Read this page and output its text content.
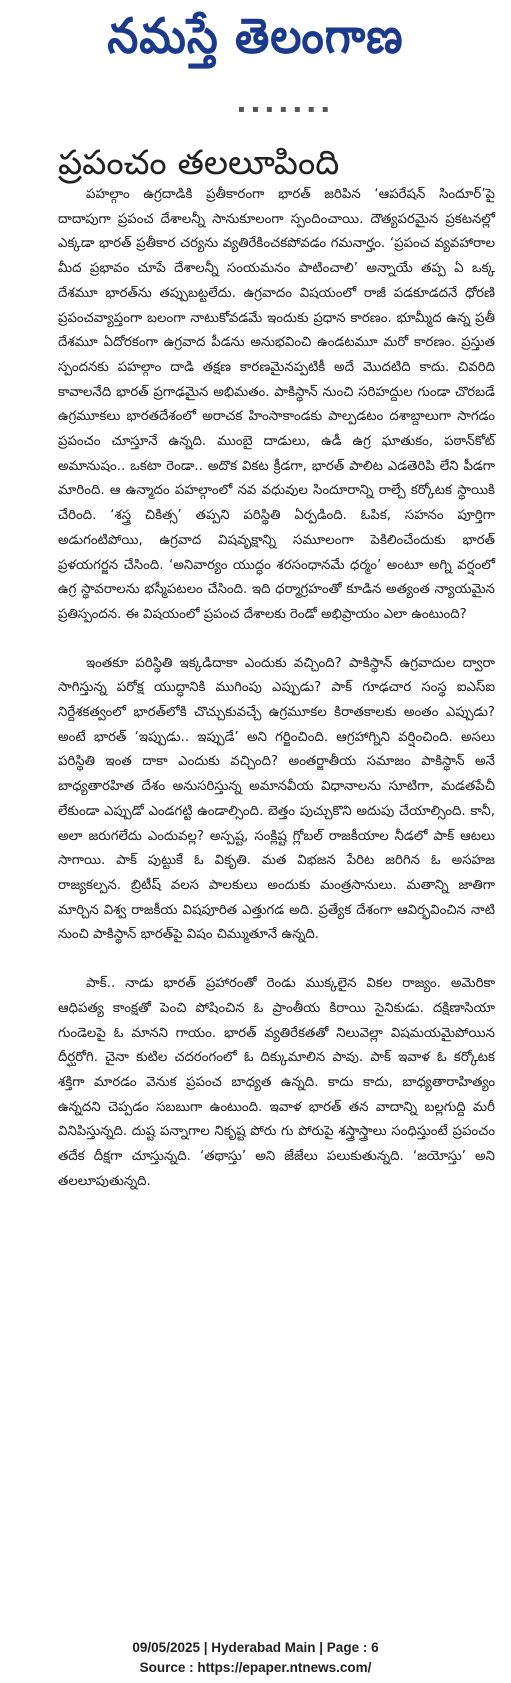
నమస్తే తెలంగాణ
▪ ▪ ▪ ▪ ▪ ▪ ▪
ప్రపంచం తలలూపింది

పహల్గాం ఉగ్రదాడికి ప్రతీకారంగా భారత్ జరిపిన ‘ఆపరేషన్ సిందూర్’పై దాదాపుగా ప్రపంచ దేశాలన్నీ సానుకూలంగా స్పందించాయి. దౌత్యపరమైన ప్రకటనల్లో ఎక్కడా భారత్ ప్రతీకార చర్యను వ్యతిరేకించకపోవడం గమనార్హం. ‘ప్రపంచ వ్యవహారాల మీద ప్రభావం చూపే దేశాలన్నీ సంయమనం పాటించాలి’ అన్నాయే తప్ప ఏ ఒక్క దేశమూ భారత్‌ను తప్పుబట్టలేదు. ఉగ్రవాదం విషయంలో రాజీ పడకూడదనే ధోరణి ప్రపంచవ్యాప్తంగా బలంగా నాటుకోవడమే ఇందుకు ప్రధాన కారణం. భూమ్మీద ఉన్న ప్రతీ దేశమూ ఏదోరకంగా ఉగ్రవాద పీడను అనుభవించి ఉండటమూ మరో కారణం. ప్రస్తుత స్పందనకు పహల్గాం దాడి తక్షణ కారణమైనప్పటికీ అదే మొదటిది కాదు. చివరిది కావాలనేది భారత్ ప్రగాఢమైన అభిమతం. పాకిస్థాన్ నుంచి సరిహద్దుల గుండా చొరబడే ఉగ్రమూకలు భారతదేశంలో అరాచక హింసాకాండకు పాల్పడటం దశాబ్దాలుగా సాగడం ప్రపంచం చూస్తూనే ఉన్నది. ముంబై దాడులు, ఉడీ ఉగ్ర ఘాతుకం, పఠాన్‌కోట్ అమానుషం.. ఒకటా రెండా.. అదొక వికట క్రీడగా, భారత్ పాలిట ఎడతెరిపి లేని పీడగా మారింది. ఆ ఉన్మాదం పహల్గాంలో నవ వధువుల సిందూరాన్ని రాల్చే కర్కోటక స్థాయికి చేరింది. ‘శస్త్ర చికిత్స’ తప్పని పరిస్థితి ఏర్పడింది. ఓపిక, సహనం పూర్తిగా అడుగంటిపోయి, ఉగ్రవాద విషవృక్షాన్ని సమూలంగా పెకిలించేందుకు భారత్ ప్రళయగర్జన చేసింది. ‘అనివార్యం యుద్ధం శరసంధానమే ధర్మం’ అంటూ అగ్ని వర్షంలో ఉగ్ర స్థావరాలను భస్మీపటలం చేసింది. ఇది ధర్మాగ్రహంతో కూడిన అత్యంత న్యాయమైన ప్రతిస్పందన. ఈ విషయంలో ప్రపంచ దేశాలకు రెండో అభిప్రాయం ఎలా ఉంటుంది?

ఇంతకూ పరిస్థితి ఇక్కడిదాకా ఎందుకు వచ్చింది? పాకిస్థాన్ ఉగ్రవాదుల ద్వారా సాగిస్తున్న పరోక్ష యుద్ధానికి ముగింపు ఎప్పుడు? పాక్ గూఢచార సంస్థ ఐఎస్ఐ నిర్దేశకత్వంలో భారత్‌లోకి చొచ్చుకువచ్చే ఉగ్రమూకల కిరాతకాలకు అంతం ఎప్పుడు? అంటే భారత్ ‘ఇప్పుడు.. ఇప్పుడే’ అని గర్జించింది. ఆగ్రహాగ్నిని వర్షించింది. అసలు పరిస్థితి ఇంత దాకా ఎందుకు వచ్చింది? అంతర్జాతీయ సమాజం పాకిస్థాన్ అనే బాధ్యతారహిత దేశం అనుసరిస్తున్న అమానవీయ విధానాలను సూటిగా, మడతపేచీ లేకుండా ఎప్పుడో ఎండగట్టి ఉండాల్సింది. బెత్తం పుచ్చుకొని అదుపు చేయాల్సింది. కానీ, అలా జరుగలేదు ఎందువల్ల? అస్పష్ట, సంక్లిష్ట గ్లోబల్ రాజకీయాల నీడలో పాక్ ఆటలు సాగాయి. పాక్ పుట్టుకే ఓ వికృతి. మత విభజన పేరిట జరిగిన ఓ అసహజ రాజ్యకల్పన. బ్రిటీష్ వలస పాలకులు అందుకు మంత్రసానులు. మతాన్ని జాతిగా మార్చిన విశ్వ రాజకీయ విషపూరిత ఎత్తుగడ అది. ప్రత్యేక దేశంగా ఆవిర్భవించిన నాటి నుంచి పాకిస్థాన్ భారత్‌పై విషం చిమ్ముతూనే ఉన్నది.

పాక్.. నాడు భారత్ ప్రహారంతో రెండు ముక్కలైన వికల రాజ్యం. అమెరికా ఆధిపత్య కాంక్షతో పెంచి పోషించిన ఓ ప్రాంతీయ కిరాయి సైనికుడు. దక్షిణాసియా గుండెలపై ఓ మానని గాయం. భారత్ వ్యతిరేకతతో నిలువెల్లా విషమయమైపోయిన దీర్ఘరోగి. చైనా కుటిల చదరంగంలో ఓ దిక్కుమాలిన పావు. పాక్ ఇవాళ ఓ కర్కోటక శక్తిగా మారడం వెనుక ప్రపంచ బాధ్యత ఉన్నది. కాదు కాదు, బాధ్యతారాహిత్యం ఉన్నదని చెప్పడం సబబుగా ఉంటుంది. ఇవాళ భారత్ తన వాదాన్ని బల్లగుద్ది మరీ వినిపిస్తున్నది. దుష్ట పన్నాగాల నికృష్ట పోరు గు పోరుపై శస్త్రాస్త్రాలు సంధిస్తుంటే ప్రపంచం తదేక దీక్షగా చూస్తున్నది. ‘తథాస్తు’ అని జేజేలు పలుకుతున్నది. ‘జయోస్తు’ అని తలలూపుతున్నది.

09/05/2025 | Hyderabad Main | Page : 6
Source : https://epaper.ntnews.com/
